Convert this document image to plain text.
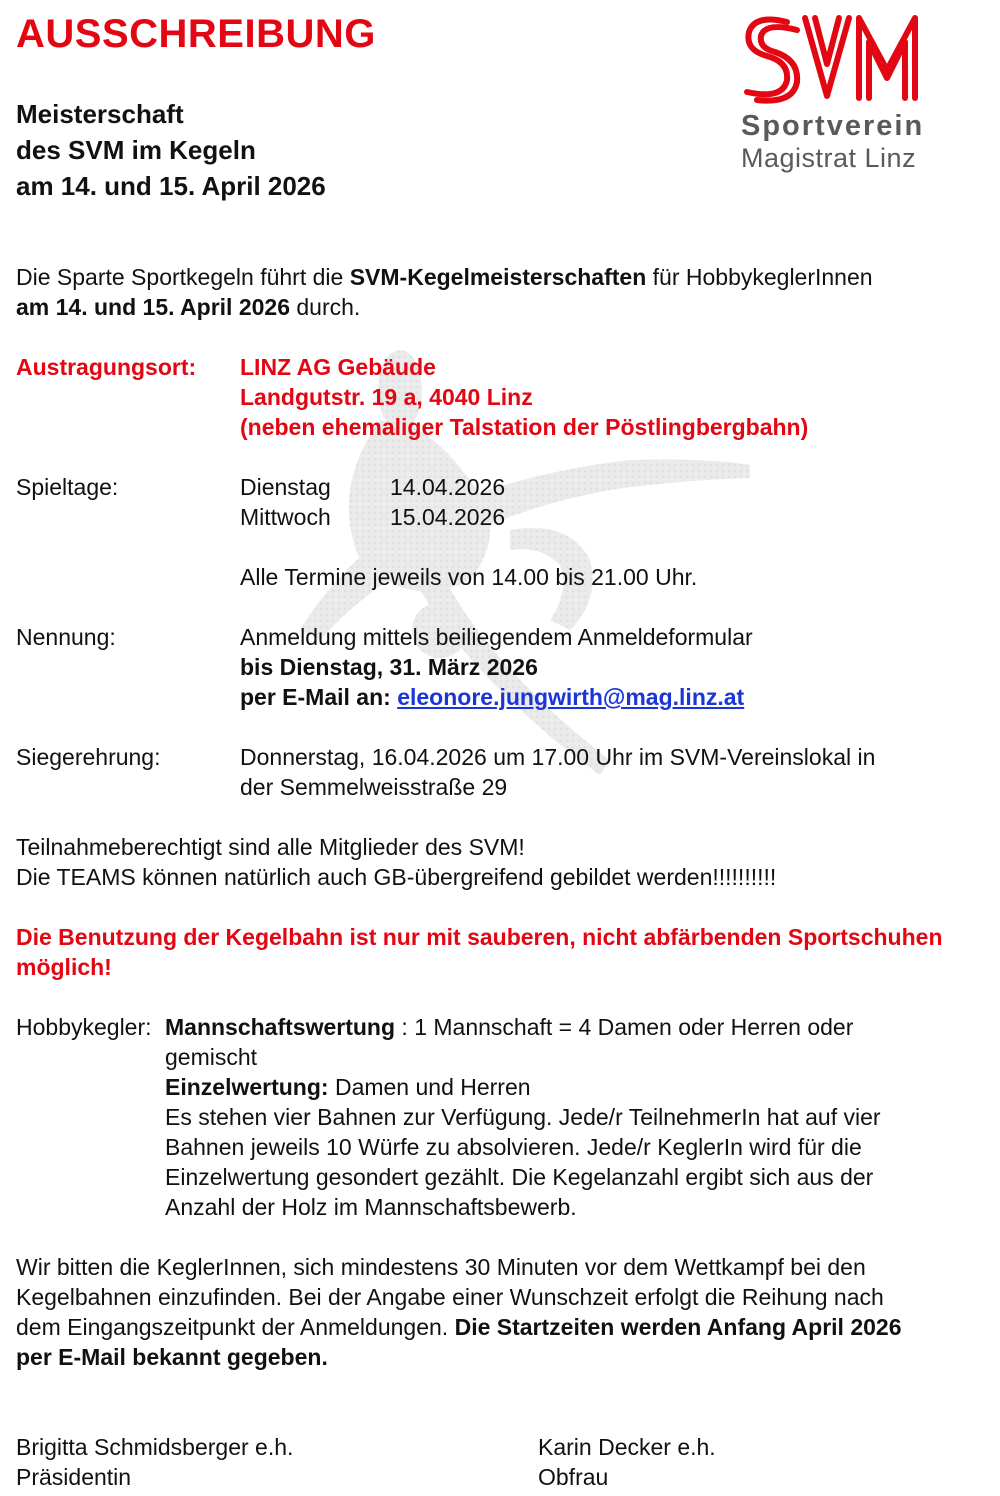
AUSSCHREIBUNG
Meisterschaft
des SVM im Kegeln
am 14. und 15. April 2026
Sportverein
Magistrat Linz
Die Sparte Sportkegeln führt die SVM-Kegelmeisterschaften für HobbykeglerInnen
am 14. und 15. April 2026 durch.
Austragungsort: LINZ AG Gebäude
Landgutstr. 19 a, 4040 Linz
(neben ehemaliger Talstation der Pöstlingbergbahn)
Spieltage:	Dienstag	14.04.2026
Mittwoch	15.04.2026
Alle Termine jeweils von 14.00 bis 21.00 Uhr.
Nennung:	Anmeldung mittels beiliegendem Anmeldeformular
bis Dienstag, 31. März 2026
per E-Mail an: eleonore.jungwirth@mag.linz.at
Siegerehrung:	Donnerstag, 16.04.2026 um 17.00 Uhr im SVM-Vereinslokal in
der Semmelweisstraße 29
Teilnahmeberechtigt sind alle Mitglieder des SVM!
Die TEAMS können natürlich auch GB-übergreifend gebildet werden!!!!!!!!!!
Die Benutzung der Kegelbahn ist nur mit sauberen, nicht abfärbenden Sportschuhen
möglich!
Hobbykegler: Mannschaftswertung : 1 Mannschaft = 4 Damen oder Herren oder
gemischt
Einzelwertung: Damen und Herren
Es stehen vier Bahnen zur Verfügung. Jede/r TeilnehmerIn hat auf vier
Bahnen jeweils 10 Würfe zu absolvieren. Jede/r KeglerIn wird für die
Einzelwertung gesondert gezählt. Die Kegelanzahl ergibt sich aus der
Anzahl der Holz im Mannschaftsbewerb.
Wir bitten die KeglerInnen, sich mindestens 30 Minuten vor dem Wettkampf bei den
Kegelbahnen einzufinden. Bei der Angabe einer Wunschzeit erfolgt die Reihung nach
dem Eingangszeitpunkt der Anmeldungen. Die Startzeiten werden Anfang April 2026
per E-Mail bekannt gegeben.
Brigitta Schmidsberger e.h.
Präsidentin
Karin Decker e.h.
Obfrau
